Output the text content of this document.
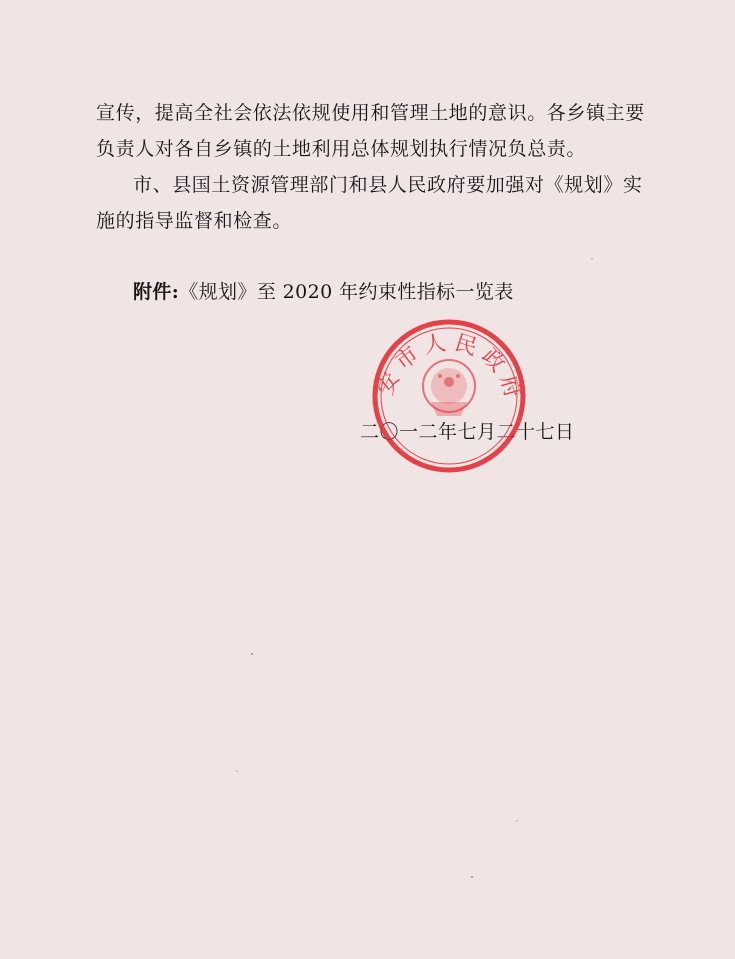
宣传，提高全社会依法依规使用和管理土地的意识。各乡镇主要
负责人对各自乡镇的土地利用总体规划执行情况负总责。
市、县国土资源管理部门和县人民政府要加强对《规划》实
施的指导监督和检查。
附件:《规划》至 2020 年约束性指标一览表
二〇一二年七月二十七日
安市人民政府
